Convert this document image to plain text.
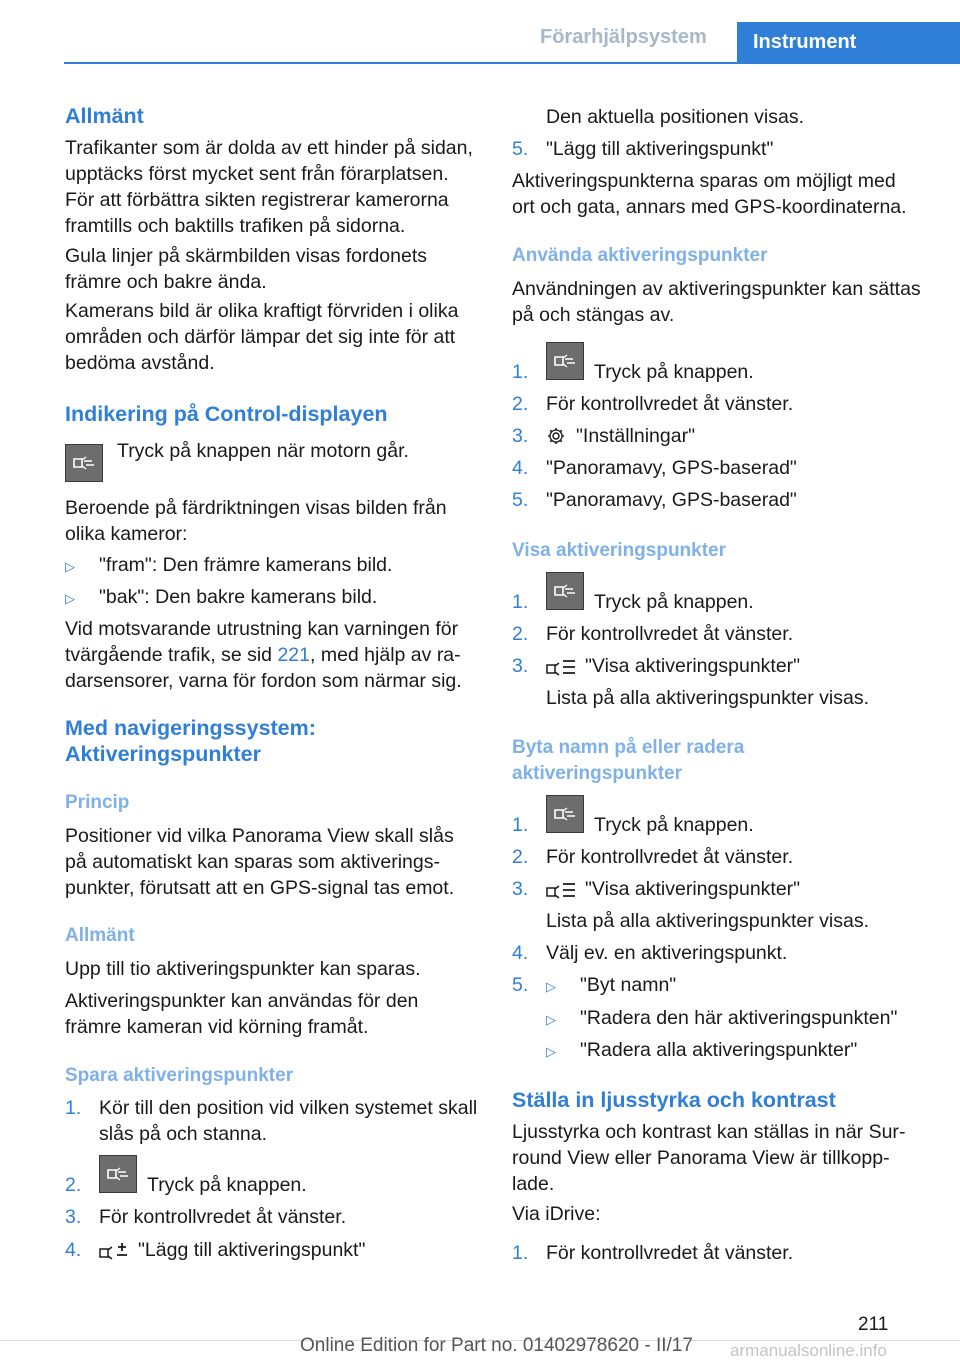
Förarhjälpsystem	Instrument
Allmänt
Trafikanter som är dolda av ett hinder på sidan, upptäcks först mycket sent från förarplatsen. För att förbättra sikten registrerar kamerorna framtills och baktills trafiken på sidorna.
Gula linjer på skärmbilden visas fordonets främre och bakre ända.
Kamerans bild är olika kraftigt förvriden i olika områden och därför lämpar det sig inte för att bedöma avstånd.
Indikering på Control-displayen
Tryck på knappen när motorn går.
Beroende på färdriktningen visas bilden från olika kameror:
▷ "fram": Den främre kamerans bild.
▷ "bak": Den bakre kamerans bild.
Vid motsvarande utrustning kan varningen för tvärgående trafik, se sid 221, med hjälp av radarsensorer, varna för fordon som närmar sig.
Med navigeringssystem: Aktiveringspunkter
Princip
Positioner vid vilka Panorama View skall slås på automatiskt kan sparas som aktiveringspunkter, förutsatt att en GPS-signal tas emot.
Allmänt
Upp till tio aktiveringspunkter kan sparas.
Aktiveringspunkter kan användas för den främre kameran vid körning framåt.
Spara aktiveringspunkter
1. Kör till den position vid vilken systemet skall slås på och stanna.
2.	Tryck på knappen.
3. För kontrollvredet åt vänster.
4.	"Lägg till aktiveringspunkt"
Den aktuella positionen visas.
5. "Lägg till aktiveringspunkt"
Aktiveringspunkterna sparas om möjligt med ort och gata, annars med GPS-koordinaterna.
Använda aktiveringspunkter
Användningen av aktiveringspunkter kan sättas på och stängas av.
1.	Tryck på knappen.
2. För kontrollvredet åt vänster.
3. "Inställningar"
4. "Panoramavy, GPS-baserad"
5. "Panoramavy, GPS-baserad"
Visa aktiveringspunkter
1.	Tryck på knappen.
2. För kontrollvredet åt vänster.
3.	"Visa aktiveringspunkter"
Lista på alla aktiveringspunkter visas.
Byta namn på eller radera aktiveringspunkter
1.	Tryck på knappen.
2. För kontrollvredet åt vänster.
3.	"Visa aktiveringspunkter"
Lista på alla aktiveringspunkter visas.
4. Välj ev. en aktiveringspunkt.
5. ▷ "Byt namn"
▷ "Radera den här aktiveringspunkten"
▷ "Radera alla aktiveringspunkter"
Ställa in ljusstyrka och kontrast
Ljusstyrka och kontrast kan ställas in när Surround View eller Panorama View är tillkopplade.
Via iDrive:
1. För kontrollvredet åt vänster.
211
Online Edition for Part no. 01402978620 - II/17 armanualsonline.info
